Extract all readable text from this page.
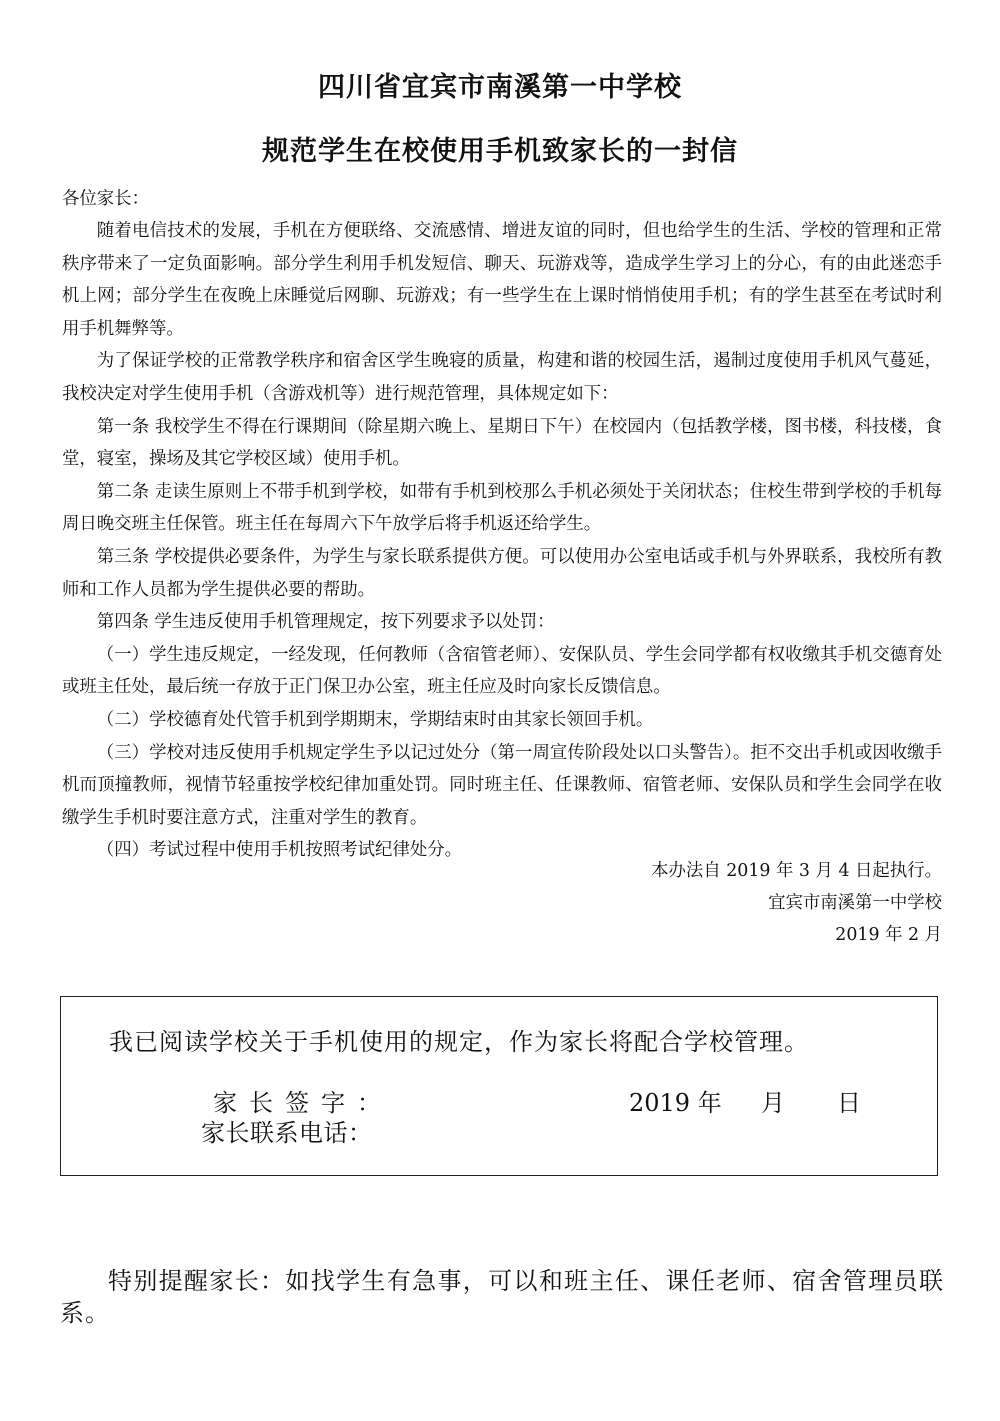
四川省宜宾市南溪第一中学校
规范学生在校使用手机致家长的一封信
各位家长：

随着电信技术的发展，手机在方便联络、交流感情、增进友谊的同时，但也给学生的生活、学校的管理和正常秩序带来了一定负面影响。部分学生利用手机发短信、聊天、玩游戏等，造成学生学习上的分心，有的由此迷恋手机上网；部分学生在夜晚上床睡觉后网聊、玩游戏；有一些学生在上课时悄悄使用手机；有的学生甚至在考试时利用手机舞弊等。

为了保证学校的正常教学秩序和宿舍区学生晚寝的质量，构建和谐的校园生活，遏制过度使用手机风气蔓延，我校决定对学生使用手机（含游戏机等）进行规范管理，具体规定如下：

第一条 我校学生不得在行课期间（除星期六晚上、星期日下午）在校园内（包括教学楼，图书楼，科技楼，食堂，寝室，操场及其它学校区域）使用手机。

第二条 走读生原则上不带手机到学校，如带有手机到校那么手机必须处于关闭状态；住校生带到学校的手机每周日晚交班主任保管。班主任在每周六下午放学后将手机返还给学生。

第三条 学校提供必要条件，为学生与家长联系提供方便。可以使用办公室电话或手机与外界联系，我校所有教师和工作人员都为学生提供必要的帮助。

第四条 学生违反使用手机管理规定，按下列要求予以处罚：

（一）学生违反规定，一经发现，任何教师（含宿管老师）、安保队员、学生会同学都有权收缴其手机交德育处或班主任处，最后统一存放于正门保卫办公室，班主任应及时向家长反馈信息。

（二）学校德育处代管手机到学期期末，学期结束时由其家长领回手机。

（三）学校对违反使用手机规定学生予以记过处分（第一周宣传阶段处以口头警告）。拒不交出手机或因收缴手机而顶撞教师，视情节轻重按学校纪律加重处罚。同时班主任、任课教师、宿管老师、安保队员和学生会同学在收缴学生手机时要注意方式，注重对学生的教育。

（四）考试过程中使用手机按照考试纪律处分。

本办法自 2019 年 3 月 4 日起执行。
宜宾市南溪第一中学校
2019 年 2 月
我已阅读学校关于手机使用的规定，作为家长将配合学校管理。
家长签字：	2019 年 月 日
家长联系电话：
特别提醒家长：如找学生有急事，可以和班主任、课任老师、宿舍管理员联系。
